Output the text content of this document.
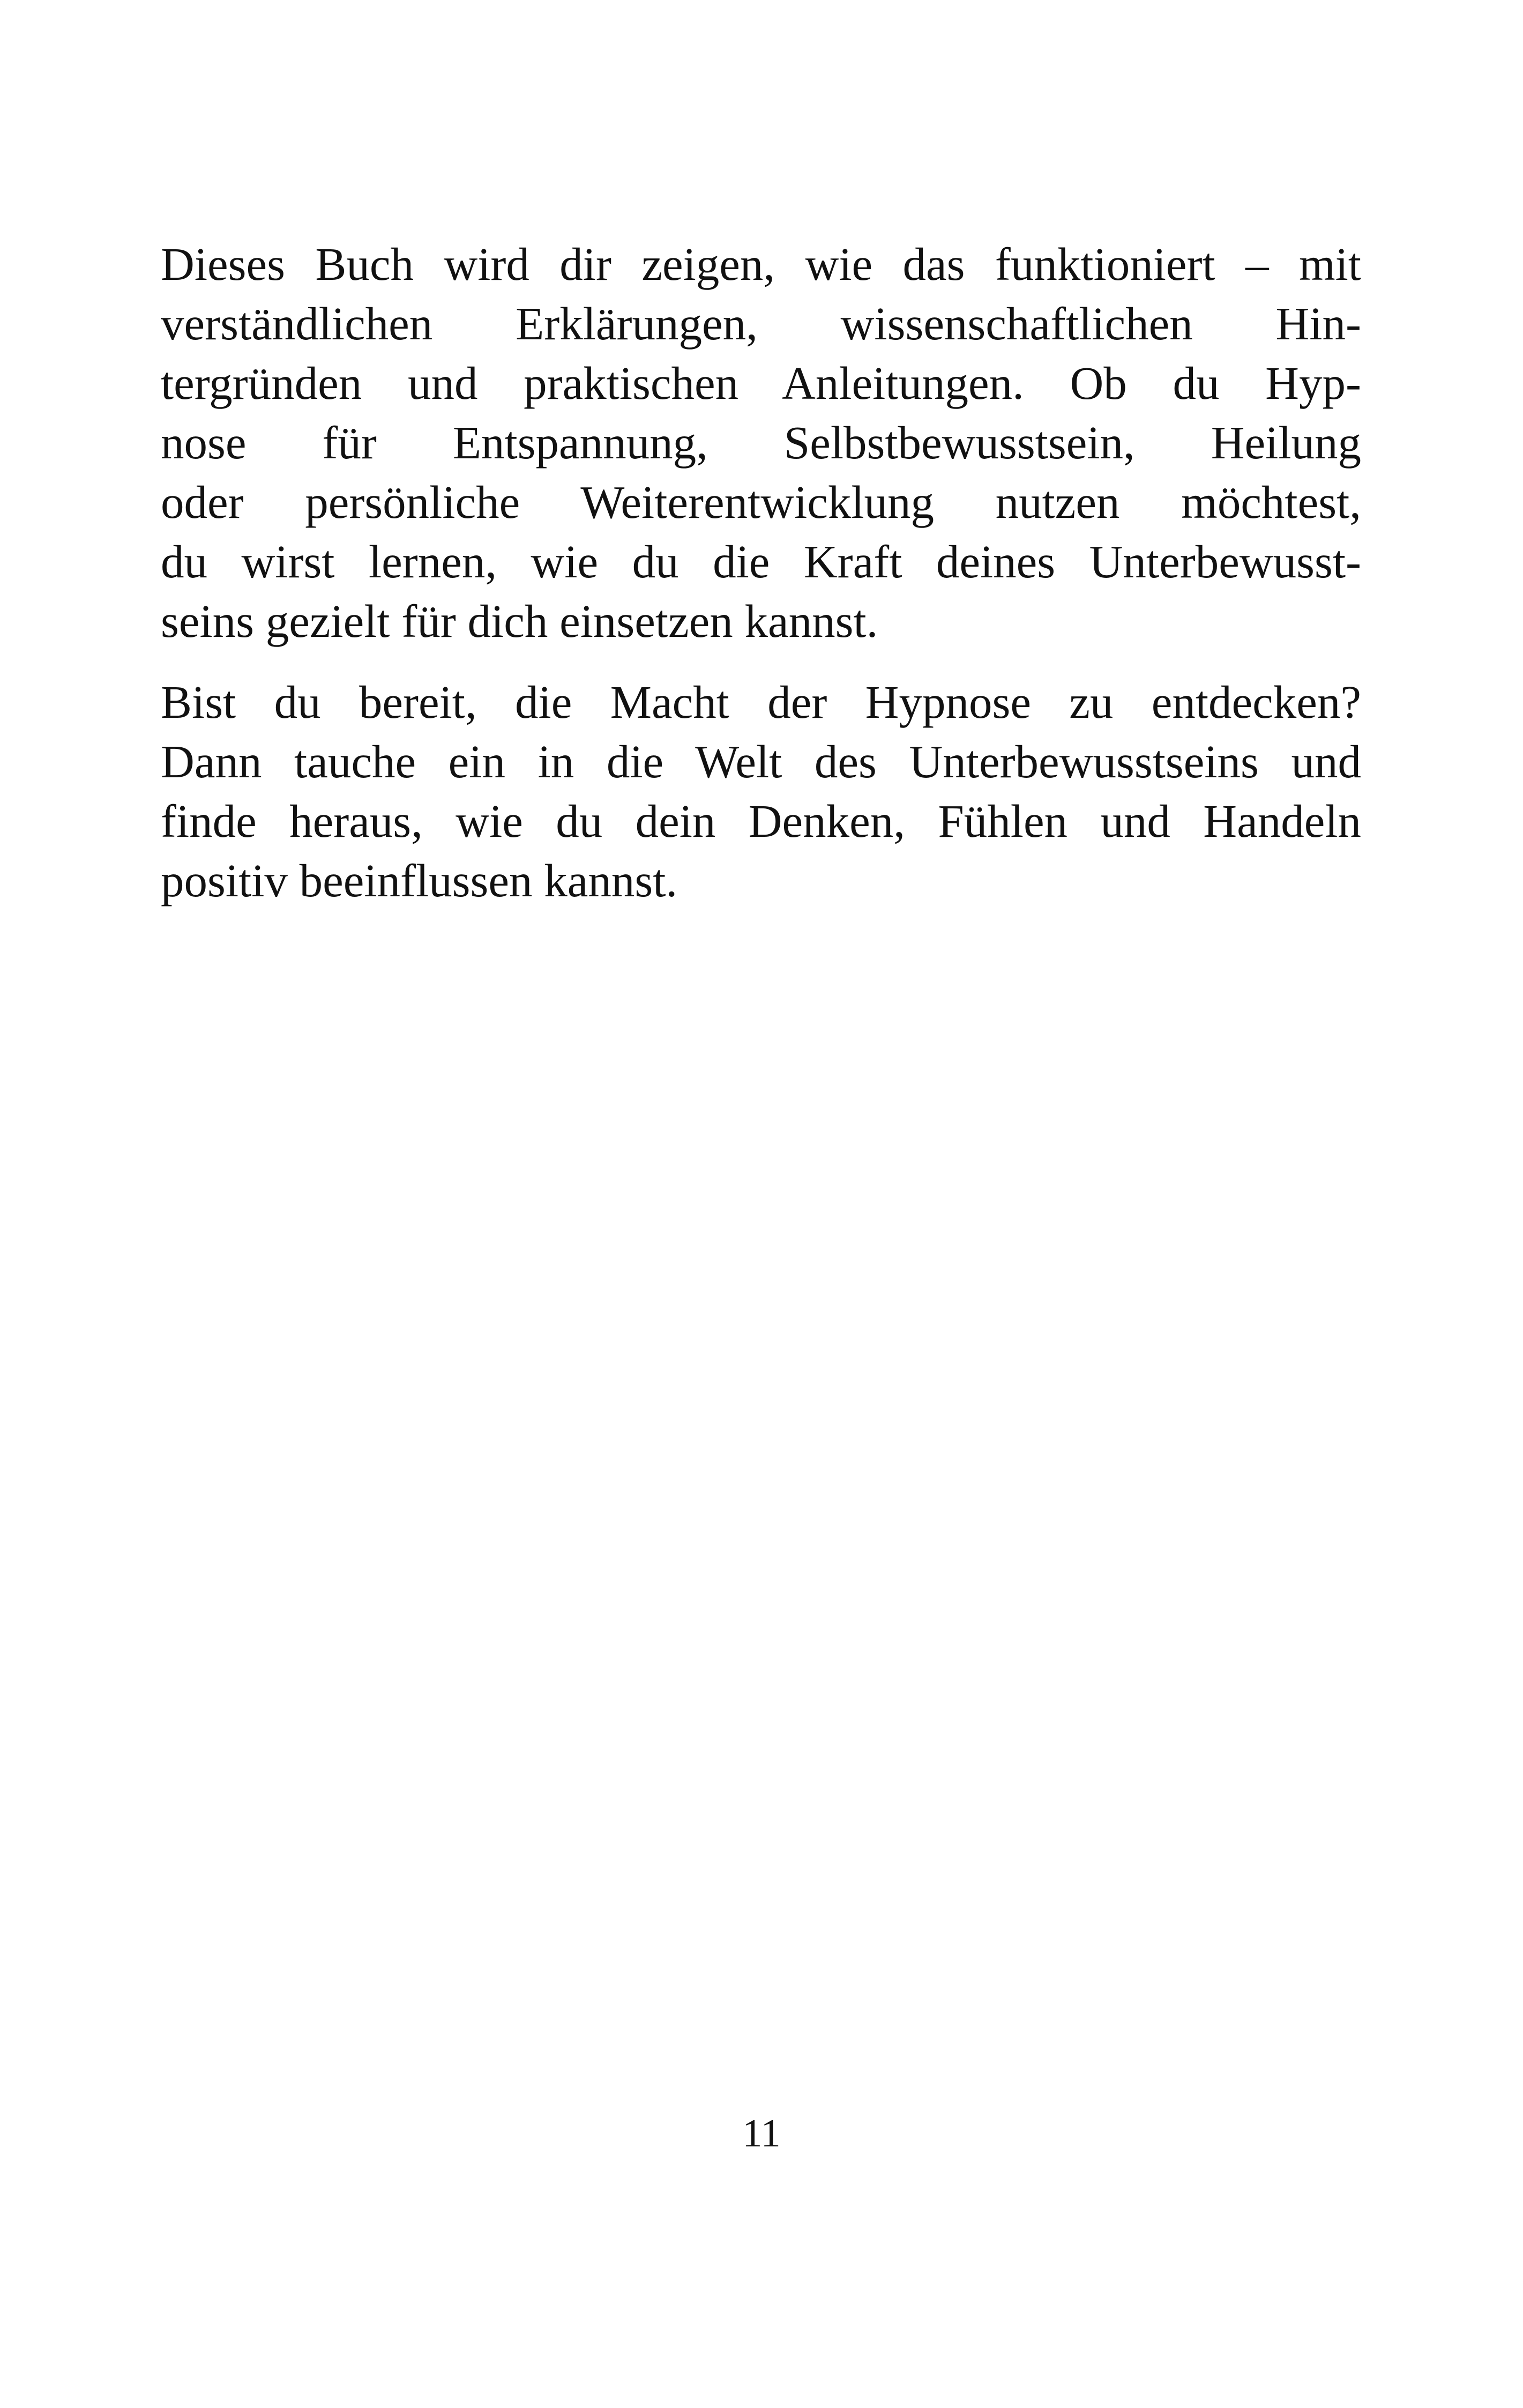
Dieses Buch wird dir zeigen, wie das funktioniert – mit
verständlichen Erklärungen, wissenschaftlichen Hin-
tergründen und praktischen Anleitungen. Ob du Hyp-
nose für Entspannung, Selbstbewusstsein, Heilung
oder persönliche Weiterentwicklung nutzen möchtest,
du wirst lernen, wie du die Kraft deines Unterbewusst-
seins gezielt für dich einsetzen kannst.
Bist du bereit, die Macht der Hypnose zu entdecken?
Dann tauche ein in die Welt des Unterbewusstseins und
finde heraus, wie du dein Denken, Fühlen und Handeln
positiv beeinflussen kannst.
11
